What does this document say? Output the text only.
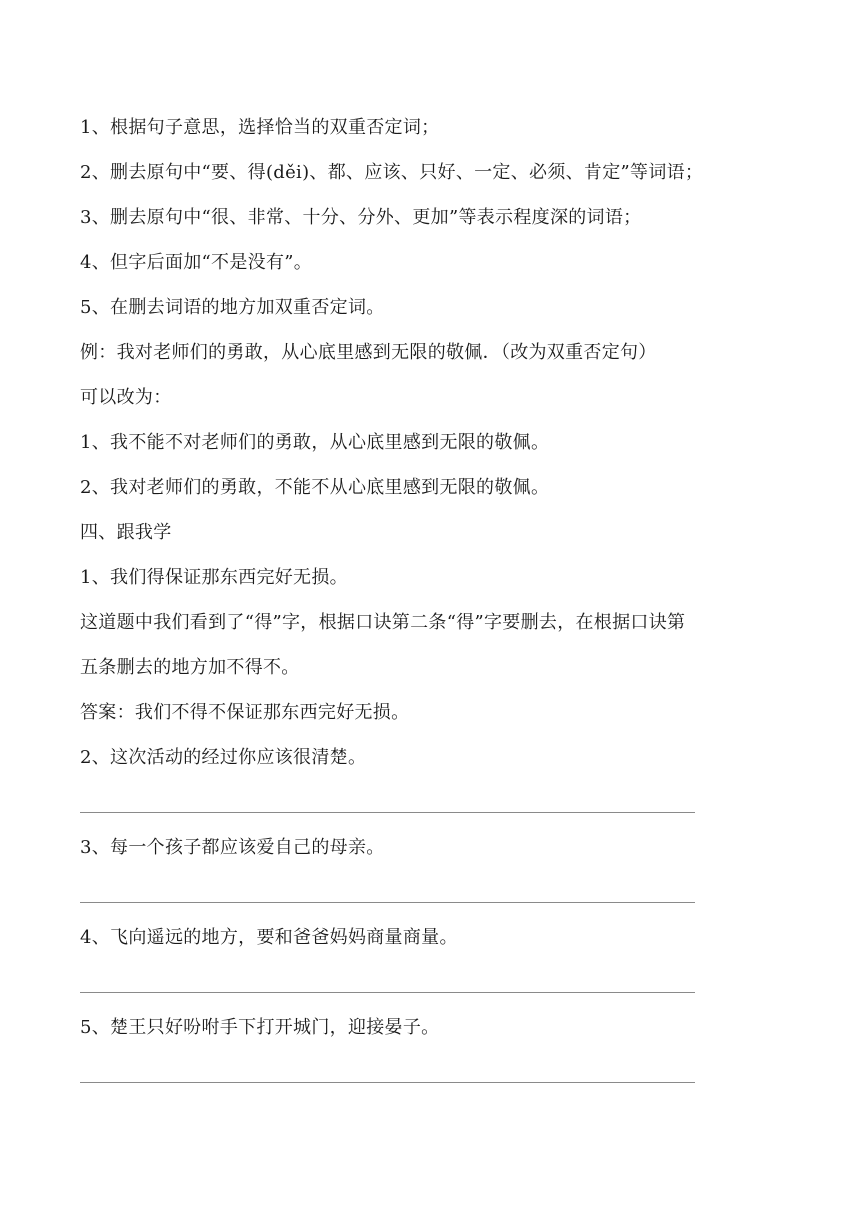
1、根据句子意思，选择恰当的双重否定词；
2、删去原句中“要、得(děi)、都、应该、只好、一定、必须、肯定”等词语；
3、删去原句中“很、非常、十分、分外、更加”等表示程度深的词语；
4、但字后面加“不是没有”。
5、在删去词语的地方加双重否定词。
例：我对老师们的勇敢，从心底里感到无限的敬佩．（改为双重否定句）
可以改为：
1、我不能不对老师们的勇敢，从心底里感到无限的敬佩。
2、我对老师们的勇敢，不能不从心底里感到无限的敬佩。
四、跟我学
1、我们得保证那东西完好无损。
这道题中我们看到了“得”字，根据口诀第二条“得”字要删去，在根据口诀第
五条删去的地方加不得不。
答案：我们不得不保证那东西完好无损。
2、这次活动的经过你应该很清楚。
3、每一个孩子都应该爱自己的母亲。
4、飞向遥远的地方，要和爸爸妈妈商量商量。
5、楚王只好吩咐手下打开城门，迎接晏子。
